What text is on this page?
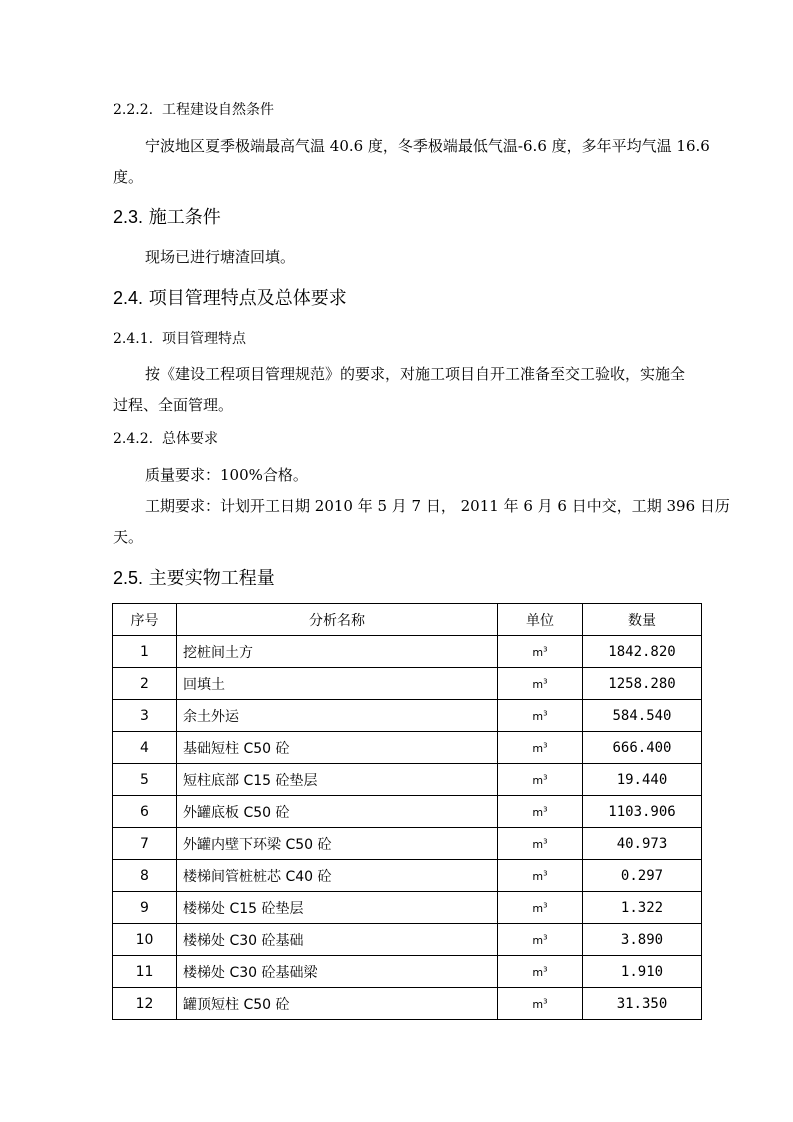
2.2.2. 工程建设自然条件
宁波地区夏季极端最高气温 40.6 度，冬季极端最低气温-6.6 度，多年平均气温 16.6
度。
2.3. 施工条件
现场已进行塘渣回填。
2.4. 项目管理特点及总体要求
2.4.1. 项目管理特点
按《建设工程项目管理规范》的要求，对施工项目自开工准备至交工验收，实施全
过程、全面管理。
2.4.2. 总体要求
质量要求：100%合格。
工期要求：计划开工日期 2010 年 5 月 7 日， 2011 年 6 月 6 日中交，工期 396 日历
天。
2.5. 主要实物工程量
序号	分析名称	单位	数量
1	挖桩间土方	$m^3$	1842.820
2	回填土	$m^3$	1258.280
3	余土外运	$m^3$	584.540
4	基础短柱 C50 砼	$m^3$	666.400
5	短柱底部 C15 砼垫层	$m^3$	19.440
6	外罐底板 C50 砼	$m^3$	1103.906
7	外罐内壁下环梁 C50 砼	$m^3$	40.973
8	楼梯间管桩桩芯 C40 砼	$m^3$	0.297
9	楼梯处 C15 砼垫层	$m^3$	1.322
10	楼梯处 C30 砼基础	$m^3$	3.890
11	楼梯处 C30 砼基础梁	$m^3$	1.910
12	罐顶短柱 C50 砼	$m^3$	31.350
